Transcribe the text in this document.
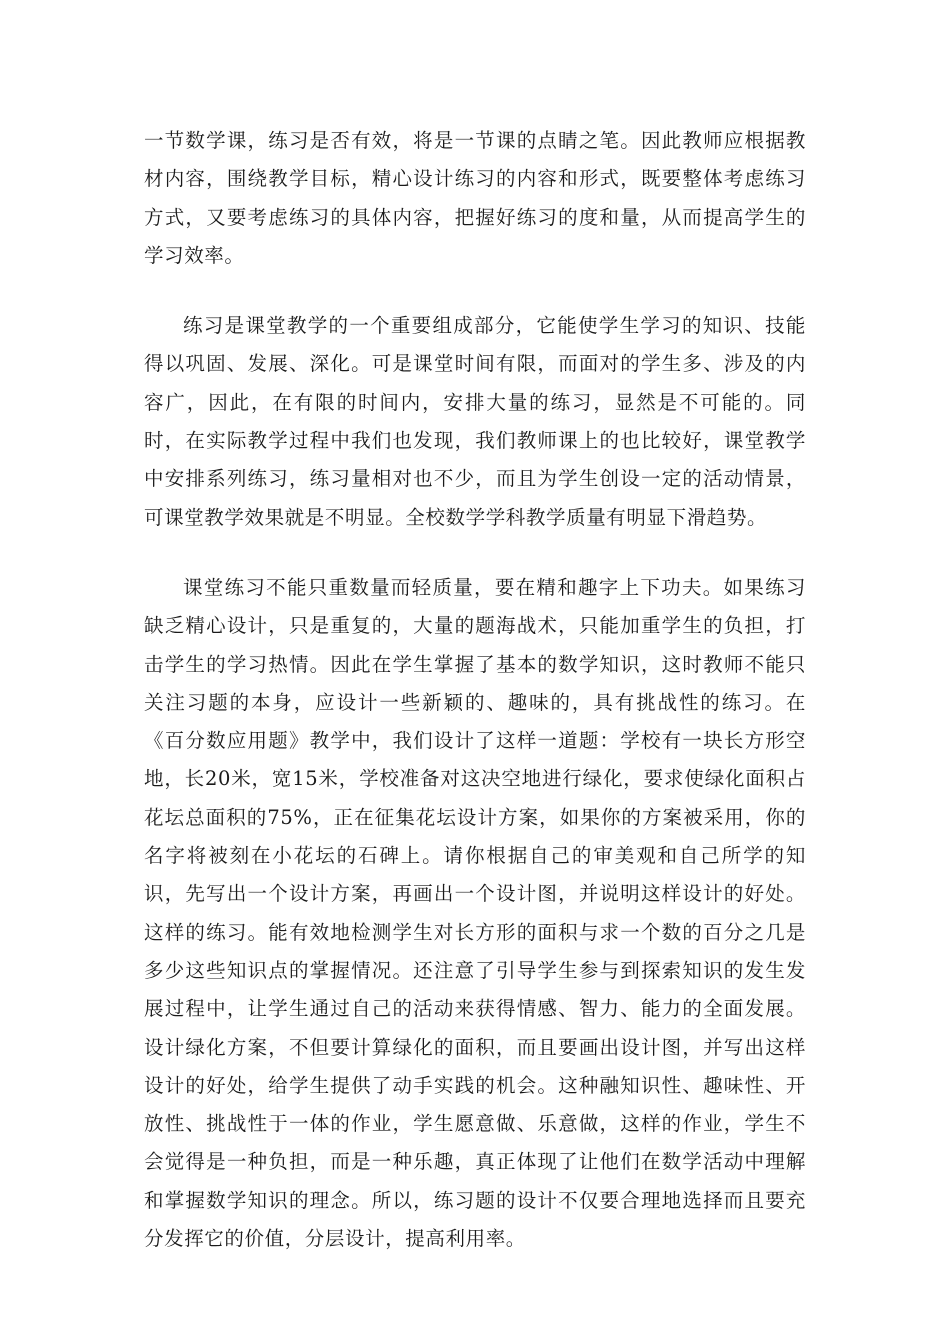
一节数学课，练习是否有效，将是一节课的点睛之笔。因此教师应根据教材内容，围绕教学目标，精心设计练习的内容和形式，既要整体考虑练习方式，又要考虑练习的具体内容，把握好练习的度和量，从而提高学生的学习效率。

练习是课堂教学的一个重要组成部分，它能使学生学习的知识、技能得以巩固、发展、深化。可是课堂时间有限，而面对的学生多、涉及的内容广，因此，在有限的时间内，安排大量的练习，显然是不可能的。同时，在实际教学过程中我们也发现，我们教师课上的也比较好，课堂教学中安排系列练习，练习量相对也不少，而且为学生创设一定的活动情景，可课堂教学效果就是不明显。全校数学学科教学质量有明显下滑趋势。

课堂练习不能只重数量而轻质量，要在精和趣字上下功夫。如果练习缺乏精心设计，只是重复的，大量的题海战术，只能加重学生的负担，打击学生的学习热情。因此在学生掌握了基本的数学知识，这时教师不能只关注习题的本身，应设计一些新颖的、趣味的，具有挑战性的练习。在《百分数应用题》教学中，我们设计了这样一道题：学校有一块长方形空地，长20米，宽15米，学校准备对这决空地进行绿化，要求使绿化面积占花坛总面积的75%，正在征集花坛设计方案，如果你的方案被采用，你的名字将被刻在小花坛的石碑上。请你根据自己的审美观和自己所学的知识，先写出一个设计方案，再画出一个设计图，并说明这样设计的好处。这样的练习。能有效地检测学生对长方形的面积与求一个数的百分之几是多少这些知识点的掌握情况。还注意了引导学生参与到探索知识的发生发展过程中，让学生通过自己的活动来获得情感、智力、能力的全面发展。设计绿化方案，不但要计算绿化的面积，而且要画出设计图，并写出这样设计的好处，给学生提供了动手实践的机会。这种融知识性、趣味性、开放性、挑战性于一体的作业，学生愿意做、乐意做，这样的作业，学生不会觉得是一种负担，而是一种乐趣，真正体现了让他们在数学活动中理解和掌握数学知识的理念。所以，练习题的设计不仅要合理地选择而且要充分发挥它的价值，分层设计，提高利用率。
